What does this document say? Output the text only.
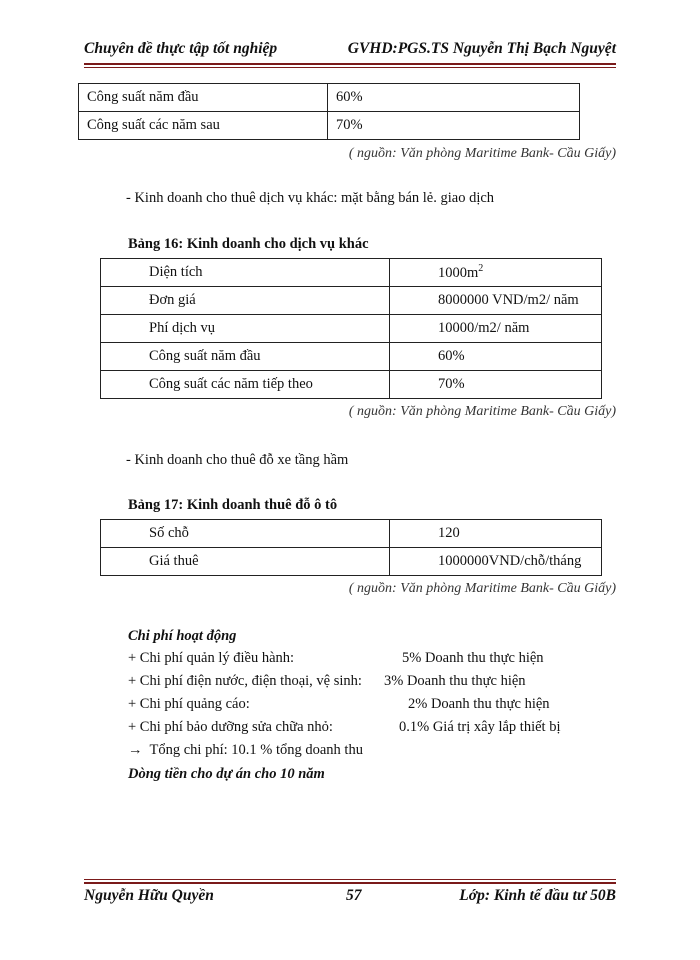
Chuyên đề thực tập tốt nghiệp	GVHD:PGS.TS Nguyễn Thị Bạch Nguyệt
Công suất năm đầu	60%
Công suất các năm sau	70%
( nguồn: Văn phòng Maritime Bank- Cầu Giấy)
- Kinh doanh cho thuê dịch vụ khác: mặt bằng bán lẻ. giao dịch
Bảng 16: Kinh doanh cho dịch vụ khác
Diện tích	$1000m^2$
Đơn giá	8000000 VND/m2/ năm
Phí dịch vụ	10000/m2/ năm
Công suất năm đầu	60%
Công suất các năm tiếp theo	70%
( nguồn: Văn phòng Maritime Bank- Cầu Giấy)
- Kinh doanh cho thuê đỗ xe tầng hầm
Bảng 17: Kinh doanh thuê đỗ ô tô
Số chỗ	120
Giá thuê	1000000VND/chỗ/tháng
( nguồn: Văn phòng Maritime Bank- Cầu Giấy)
Chi phí hoạt động
+ Chi phí quản lý điều hành:	5% Doanh thu thực hiện
+ Chi phí điện nước, điện thoại, vệ sinh: 3% Doanh thu thực hiện
+ Chi phí quảng cáo:	2% Doanh thu thực hiện
+ Chi phí bảo dưỡng sửa chữa nhỏ:	0.1% Giá trị xây lắp thiết bị
→ Tổng chi phí: 10.1 % tổng doanh thu
Dòng tiền cho dự án cho 10 năm
Nguyễn Hữu Quyền	57	Lớp: Kinh tế đầu tư 50B
